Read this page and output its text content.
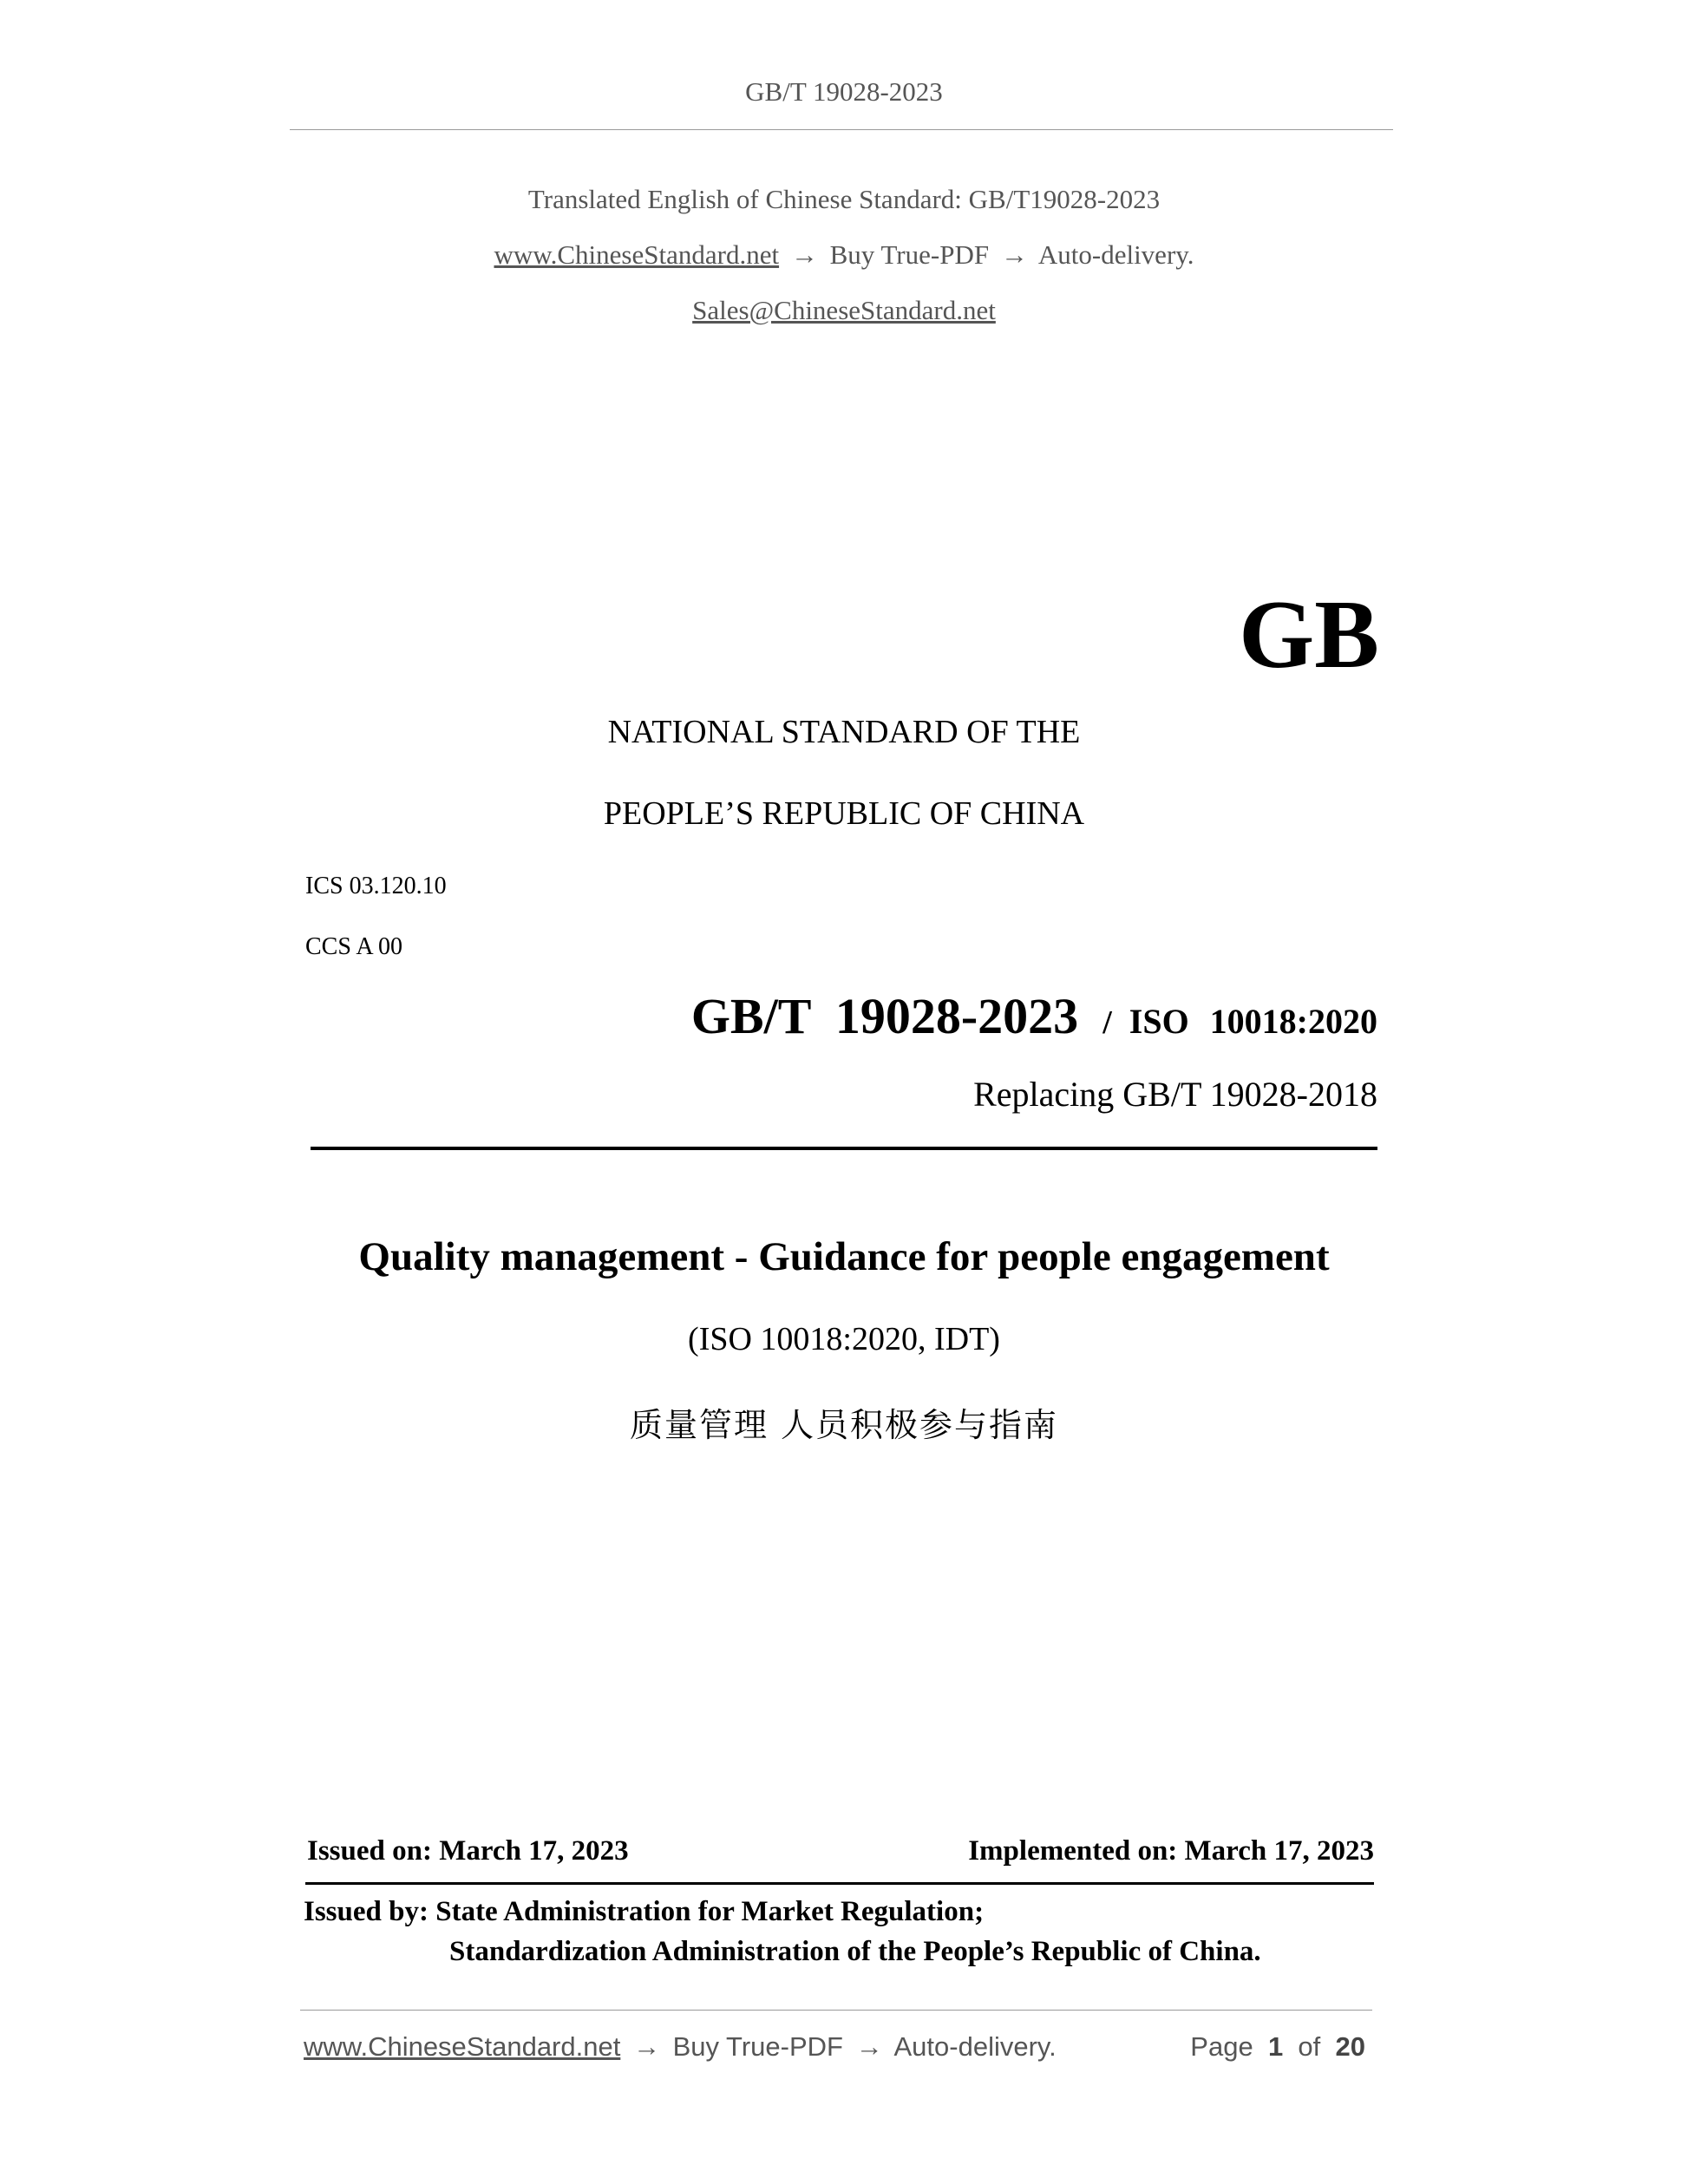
GB/T 19028-2023
Translated English of Chinese Standard: GB/T19028-2023
www.ChineseStandard.net → Buy True-PDF → Auto-delivery.
Sales@ChineseStandard.net
GB
NATIONAL STANDARD OF THE
PEOPLE’S REPUBLIC OF CHINA
ICS 03.120.10
CCS A 00
GB/T 19028-2023 / ISO 10018:2020
Replacing GB/T 19028-2018
Quality management - Guidance for people engagement
(ISO 10018:2020, IDT)
质量管理 人员积极参与指南
Issued on: March 17, 2023	Implemented on: March 17, 2023
Issued by: State Administration for Market Regulation;
Standardization Administration of the People’s Republic of China.
www.ChineseStandard.net → Buy True-PDF → Auto-delivery.	Page 1 of 20
